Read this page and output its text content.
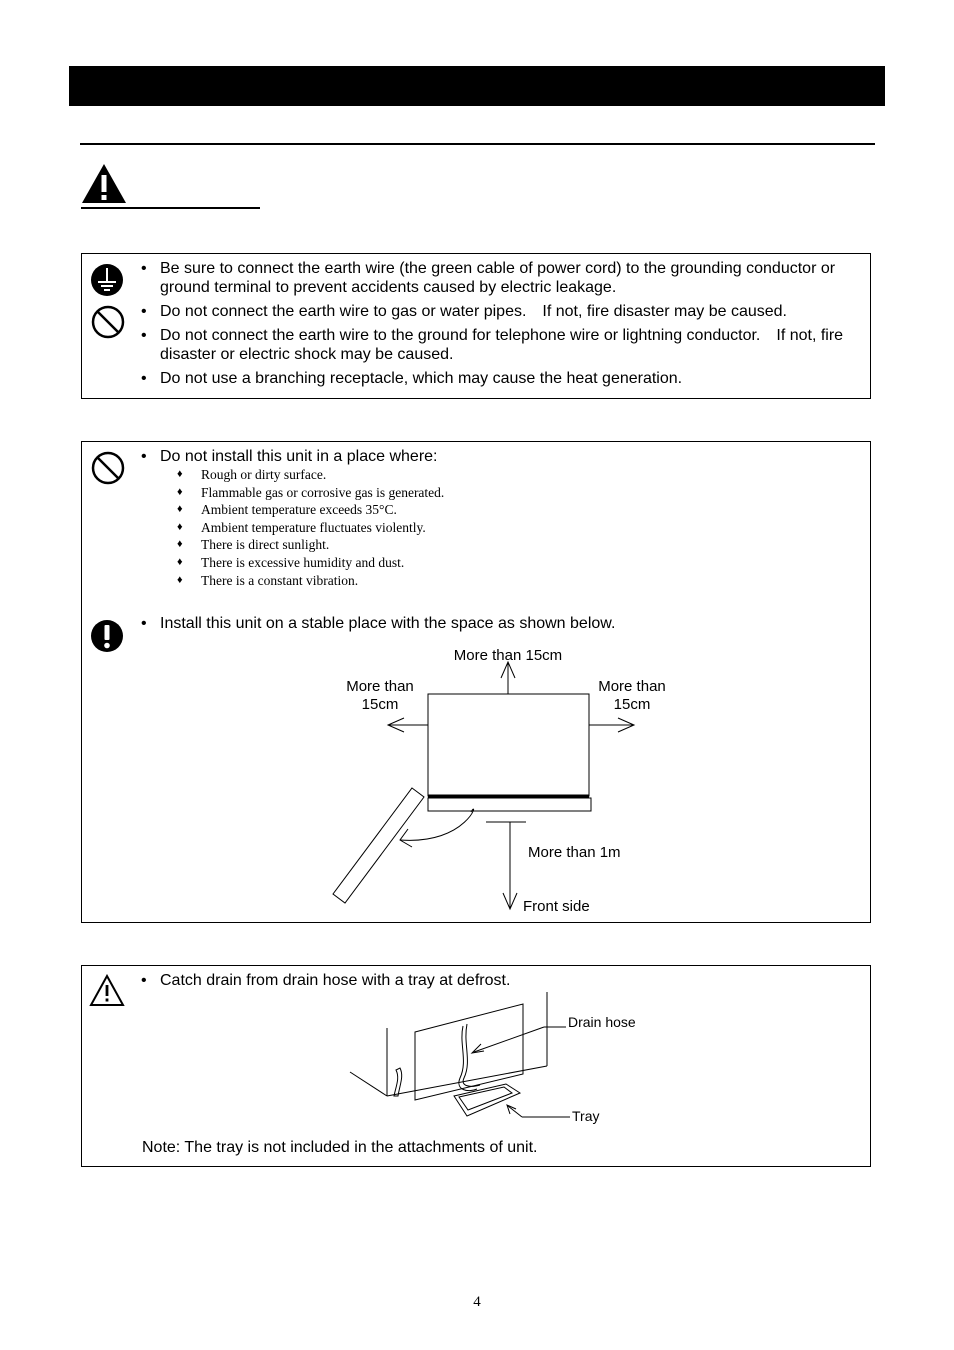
• Be sure to connect the earth wire (the green cable of power cord) to the grounding conductor or ground terminal to prevent accidents caused by electric leakage.
• Do not connect the earth wire to gas or water pipes.　If not, fire disaster may be caused.
• Do not connect the earth wire to the ground for telephone wire or lightning conductor.　If not, fire disaster or electric shock may be caused.
• Do not use a branching receptacle, which may cause the heat generation.
• Do not install this unit in a place where:
♦ Rough or dirty surface.
♦ Flammable gas or corrosive gas is generated.
♦ Ambient temperature exceeds 35°C.
♦ Ambient temperature fluctuates violently.
♦ There is direct sunlight.
♦ There is excessive humidity and dust.
♦ There is a constant vibration.
• Install this unit on a stable place with the space as shown below.
More than 15cm
More than
15cm
More than
15cm
More than 1m
Front side
• Catch drain from drain hose with a tray at defrost.
Drain hose
Tray
Note: The tray is not included in the attachments of unit.
4
